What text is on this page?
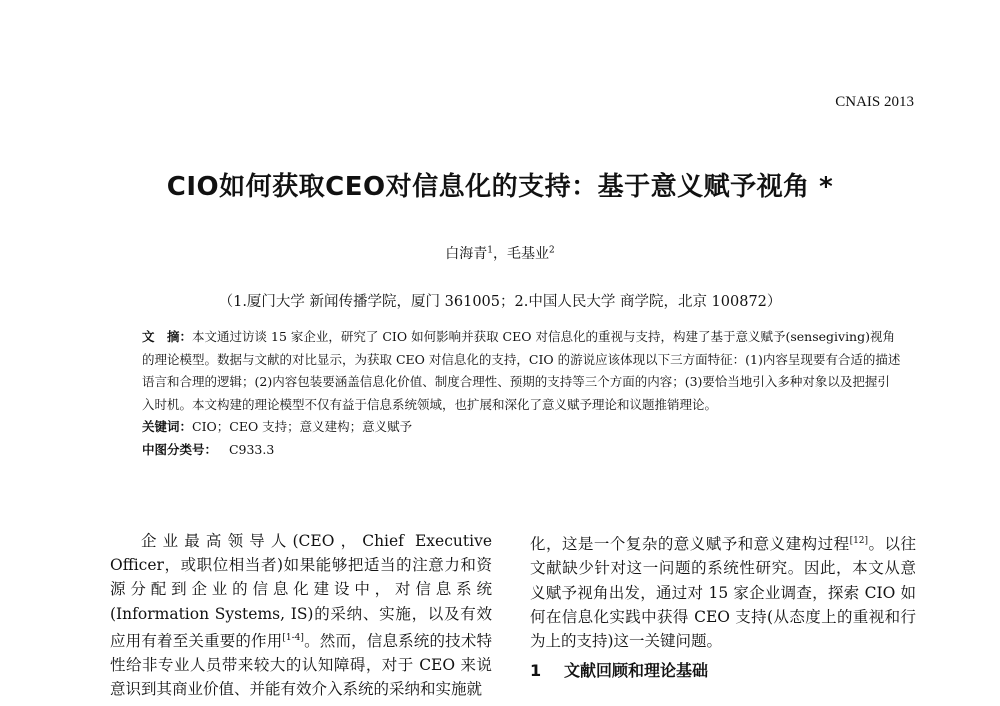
CNAIS 2013
CIO如何获取CEO对信息化的支持：基于意义赋予视角 *
白海青$^1$，毛基业$^2$
（1.厦门大学 新闻传播学院，厦门 361005；2.中国人民大学 商学院，北京 100872）

文　摘：本文通过访谈 15 家企业，研究了 CIO 如何影响并获取 CEO 对信息化的重视与支持，构建了基于意义赋予(sensegiving)视角的理论模型。数据与文献的对比显示，为获取 CEO 对信息化的支持，CIO 的游说应该体现以下三方面特征：(1)内容呈现要有合适的描述语言和合理的逻辑；(2)内容包装要涵盖信息化价值、制度合理性、预期的支持等三个方面的内容；(3)要恰当地引入多种对象以及把握引入时机。本文构建的理论模型不仅有益于信息系统领域，也扩展和深化了意义赋予理论和议题推销理论。

关键词：CIO；CEO 支持；意义建构；意义赋予

中图分类号： C933.3

企业最高领导人(CEO，Chief Executive Officer，或职位相当者)如果能够把适当的注意力和资源分配到企业的信息化建设中，对信息系统(Information Systems, IS)的采纳、实施，以及有效应用有着至关重要的作用[1-4]。然而，信息系统的技术特性给非专业人员带来较大的认知障碍，对于 CEO 来说意识到其商业价值、并能有效介入系统的采纳和实施就

化，这是一个复杂的意义赋予和意义建构过程[12]。以往文献缺少针对这一问题的系统性研究。因此，本文从意义赋予视角出发，通过对 15 家企业调查，探索 CIO 如何在信息化实践中获得 CEO 支持(从态度上的重视和行为上的支持)这一关键问题。

1 文献回顾和理论基础
